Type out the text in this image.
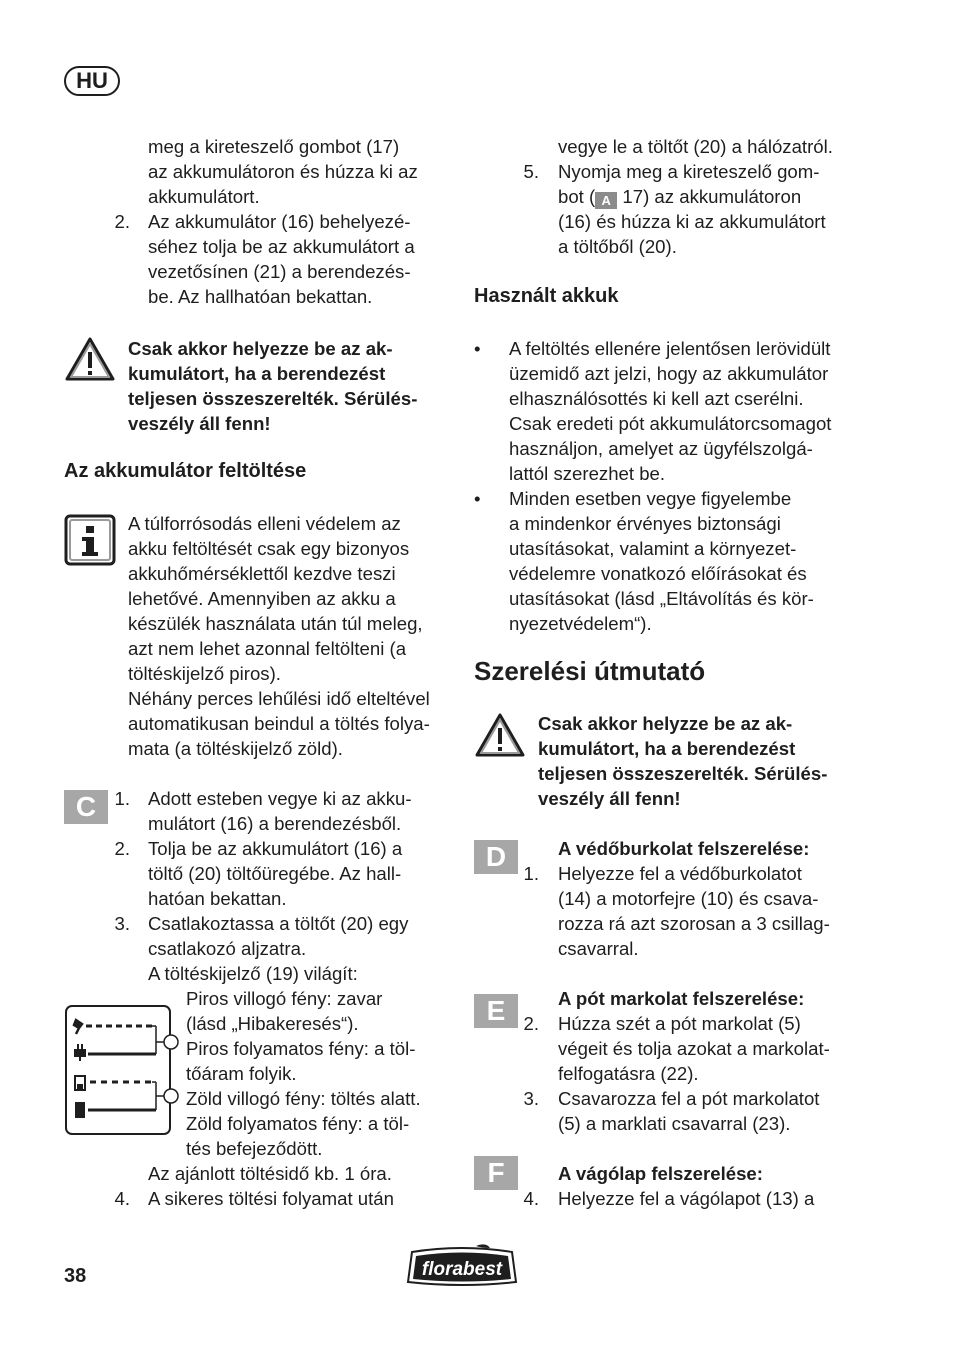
HU
meg a kireteszelő gombot (17)
az akkumulátoron és húzza ki az
akkumulátort.
2. Az akkumulátor (16) behelyezé-
séhez tolja be az akkumulátort a
vezetősínen (21) a berendezés-
be. Az hallhatóan bekattan.
Csak akkor helyezze be az ak-
kumulátort, ha a berendezést
teljesen összeszerelték. Sérülés-
veszély áll fenn!
Az akkumulátor feltöltése
A túlforrósodás elleni védelem az
akku feltöltését csak egy bizonyos
akkuhőmérséklettől kezdve teszi
lehetővé. Amennyiben az akku a
készülék használata után túl meleg,
azt nem lehet azonnal feltölteni (a
töltéskijelző piros).
Néhány perces lehűlési idő elteltével
automatikusan beindul a töltés folya-
mata (a töltéskijelző zöld).
C 1. Adott esteben vegye ki az akku-
mulátort (16) a berendezésből.
2. Tolja be az akkumulátort (16) a
töltő (20) töltőüregébe. Az hall-
hatóan bekattan.
3. Csatlakoztassa a töltőt (20) egy
csatlakozó aljzatra.
A töltéskijelző (19) világít:
Piros villogó fény: zavar
(lásd „Hibakeresés“).
Piros folyamatos fény: a töl-
tőáram folyik.
Zöld villogó fény: töltés alatt.
Zöld folyamatos fény: a töl-
tés befejeződött.
Az ajánlott töltésidő kb. 1 óra.
4. A sikeres töltési folyamat után
vegye le a töltőt (20) a hálózatról.
5. Nyomja meg a kireteszelő gom-
bot ( A 17) az akkumulátoron
(16) és húzza ki az akkumulátort
a töltőből (20).
Használt akkuk
• A feltöltés ellenére jelentősen lerövidült
üzemidő azt jelzi, hogy az akkumulátor
elhasználósottés ki kell azt cserélni.
Csak eredeti pót akkumulátorcsomagot
használjon, amelyet az ügyfélszolgá-
lattól szerezhet be.
• Minden esetben vegye figyelembe
a mindenkor érvényes biztonsági
utasításokat, valamint a környezet-
védelemre vonatkozó előírásokat és
utasításokat (lásd „Eltávolítás és kör-
nyezetvédelem“).
Szerelési útmutató
Csak akkor helyzze be az ak-
kumulátort, ha a berendezést
teljesen összeszerelték. Sérülés-
veszély áll fenn!
D	A védőburkolat felszerelése:
1. Helyezze fel a védőburkolatot
(14) a motorfejre (10) és csava-
rozza rá azt szorosan a 3 csillag-
csavarral.
E	A pót markolat felszerelése:
2. Húzza szét a pót markolat (5)
végeit és tolja azokat a markolat-
felfogatásra (22).
3. Csavarozza fel a pót markolatot
(5) a marklati csavarral (23).
F	A vágólap felszerelése:
4. Helyezze fel a vágólapot (13) a
38	florabest
